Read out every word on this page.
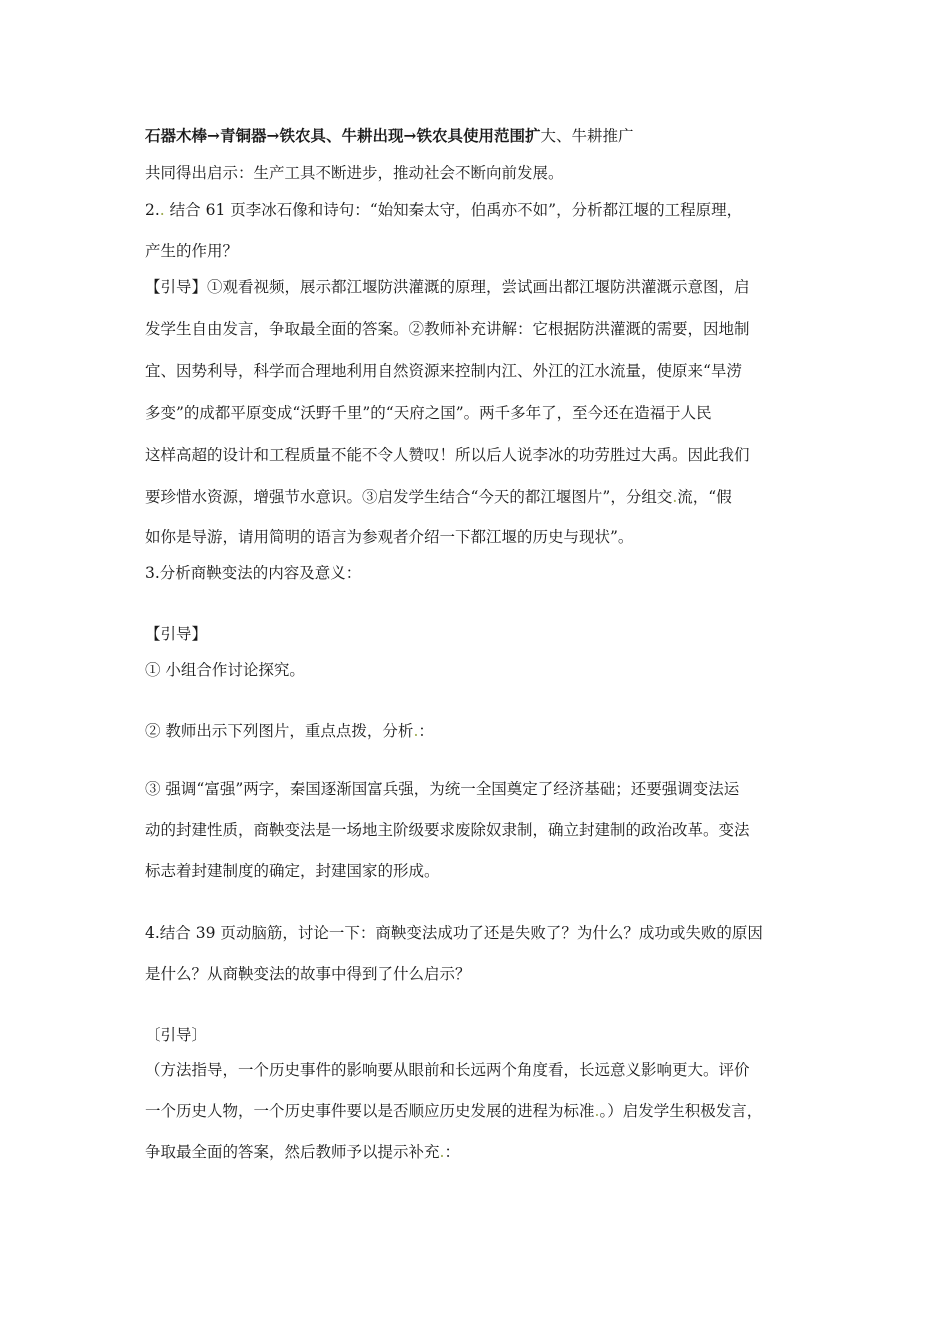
石器木棒→青铜器→铁农具、牛耕出现→铁农具使用范围扩大、牛耕推广
共同得出启示：生产工具不断进步，推动社会不断向前发展。
2.. 结合 61 页李冰石像和诗句：“始知秦太守，伯禹亦不如”，分析都江堰的工程原理，
产生的作用？
【引导】①观看视频，展示都江堰防洪灌溉的原理，尝试画出都江堰防洪灌溉示意图，启
发学生自由发言，争取最全面的答案。②教师补充讲解：它根据防洪灌溉的需要，因地制
宜、因势利导，科学而合理地利用自然资源来控制内江、外江的江水流量，使原来“旱涝
多变”的成都平原变成“沃野千里”的“天府之国”。两千多年了，至今还在造福于人民
这样高超的设计和工程质量不能不令人赞叹！所以后人说李冰的功劳胜过大禹。因此我们
要珍惜水资源，增强节水意识。③启发学生结合“今天的都江堰图片”，分组交.流，“假
如你是导游，请用简明的语言为参观者介绍一下都江堰的历史与现状”。
3.分析商鞅变法的内容及意义：
【引导】
① 小组合作讨论探究。
② 教师出示下列图片，重点点拨，分析.：
③ 强调“富强”两字，秦国逐渐国富兵强，为统一全国奠定了经济基础；还要强调变法运
动的封建性质，商鞅变法是一场地主阶级要求废除奴隶制，确立封建制的政治改革。变法
标志着封建制度的确定，封建国家的形成。
4.结合 39 页动脑筋，讨论一下：商鞅变法成功了还是失败了？为什么？成功或失败的原因
是什么？从商鞅变法的故事中得到了什么启示？
〔引导〕
（方法指导，一个历史事件的影响要从眼前和长远两个角度看，长远意义影响更大。评价
一个历史人物，一个历史事件要以是否顺应历史发展的进程为标准.。）启发学生积极发言，
争取最全面的答案，然后教师予以提示补充.：
